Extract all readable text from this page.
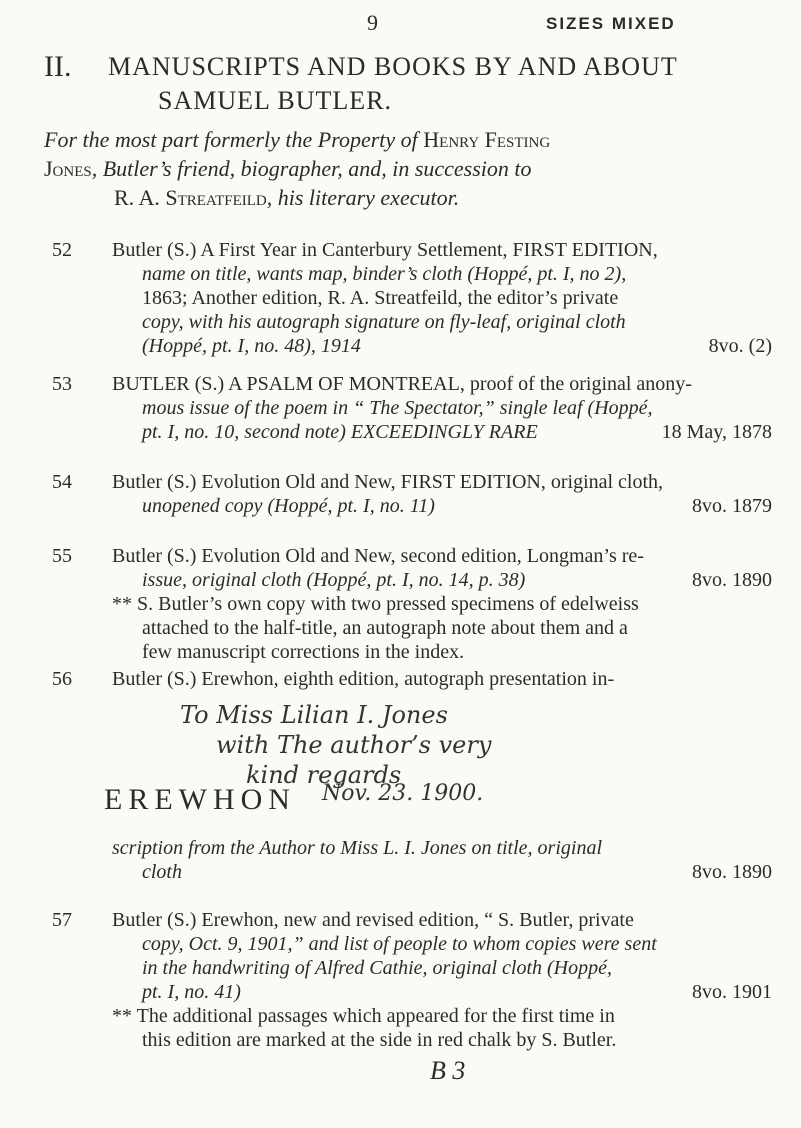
9	SIZES MIXED
II. MANUSCRIPTS AND BOOKS BY AND ABOUT
SAMUEL BUTLER.
For the most part formerly the Property of Henry Festing
Jones, Butler’s friend, biographer, and, in succession to
R. A. Streatfeild, his literary executor.
52 Butler (S.) A First Year in Canterbury Settlement, FIRST EDITION,
name on title, wants map, binder’s cloth (Hoppé, pt. I, no 2),
1863; Another edition, R. A. Streatfeild, the editor’s private
copy, with his autograph signature on fly-leaf, original cloth
(Hoppé, pt. I, no. 48), 1914	8vo. (2)
53 BUTLER (S.) A PSALM OF MONTREAL, proof of the original anony-
mous issue of the poem in “ The Spectator,” single leaf (Hoppé,
pt. I, no. 10, second note) EXCEEDINGLY RARE	18 May, 1878
54 Butler (S.) Evolution Old and New, FIRST EDITION, original cloth,
unopened copy (Hoppé, pt. I, no. 11)	8vo. 1879
55 Butler (S.) Evolution Old and New, second edition, Longman’s re-
issue, original cloth (Hoppé, pt. I, no. 14, p. 38)	8vo. 1890
** S. Butler’s own copy with two pressed specimens of edelweiss
attached to the half-title, an autograph note about them and a
few manuscript corrections in the index.
56 Butler (S.) Erewhon, eighth edition, autograph presentation in-
To Miss Lilian I. Jones
with The author’s very
kind regards
Nov. 23. 1900.
EREWHON
scription from the Author to Miss L. I. Jones on title, original
cloth	8vo. 1890
57 Butler (S.) Erewhon, new and revised edition, “ S. Butler, private
copy, Oct. 9, 1901,” and list of people to whom copies were sent
in the handwriting of Alfred Cathie, original cloth (Hoppé,
pt. I, no. 41)	8vo. 1901
** The additional passages which appeared for the first time in
this edition are marked at the side in red chalk by S. Butler.
B 3
